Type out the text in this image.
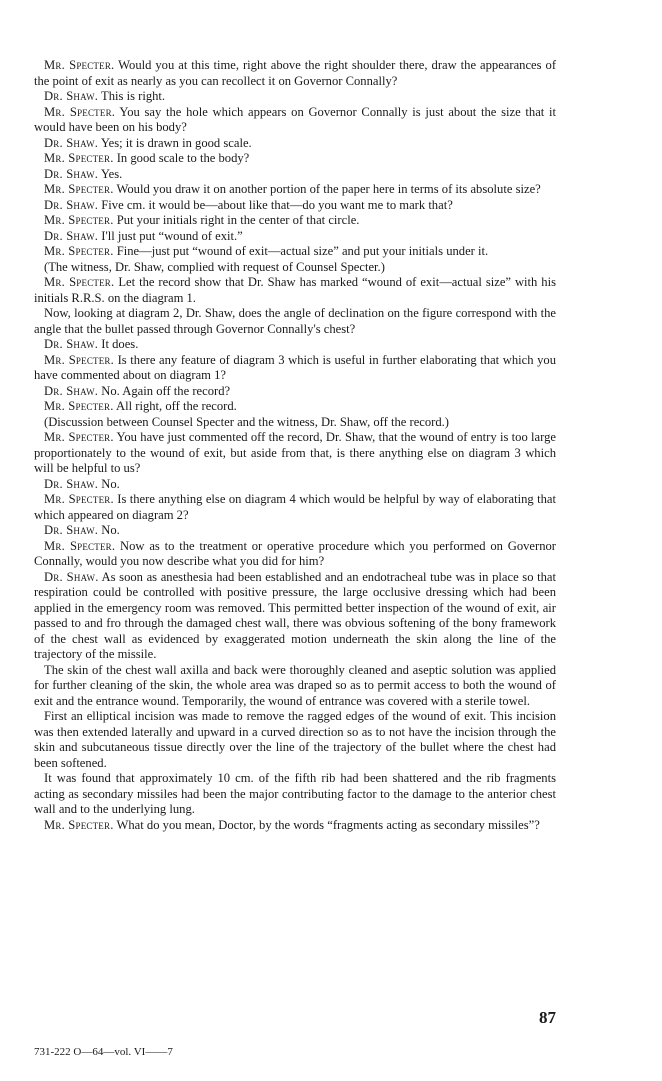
Mr. Specter. Would you at this time, right above the right shoulder there, draw the appearances of the point of exit as nearly as you can recollect it on Governor Connally?

Dr. Shaw. This is right.

Mr. Specter. You say the hole which appears on Governor Connally is just about the size that it would have been on his body?

Dr. Shaw. Yes; it is drawn in good scale.

Mr. Specter. In good scale to the body?

Dr. Shaw. Yes.

Mr. Specter. Would you draw it on another portion of the paper here in terms of its absolute size?

Dr. Shaw. Five cm. it would be—about like that—do you want me to mark that?

Mr. Specter. Put your initials right in the center of that circle.

Dr. Shaw. I'll just put “wound of exit.”

Mr. Specter. Fine—just put “wound of exit—actual size” and put your initials under it.

(The witness, Dr. Shaw, complied with request of Counsel Specter.)

Mr. Specter. Let the record show that Dr. Shaw has marked “wound of exit—actual size” with his initials R.R.S. on the diagram 1.

Now, looking at diagram 2, Dr. Shaw, does the angle of declination on the figure correspond with the angle that the bullet passed through Governor Connally's chest?

Dr. Shaw. It does.

Mr. Specter. Is there any feature of diagram 3 which is useful in further elaborating that which you have commented about on diagram 1?

Dr. Shaw. No. Again off the record?

Mr. Specter. All right, off the record.

(Discussion between Counsel Specter and the witness, Dr. Shaw, off the record.)

Mr. Specter. You have just commented off the record, Dr. Shaw, that the wound of entry is too large proportionately to the wound of exit, but aside from that, is there anything else on diagram 3 which will be helpful to us?

Dr. Shaw. No.

Mr. Specter. Is there anything else on diagram 4 which would be helpful by way of elaborating that which appeared on diagram 2?

Dr. Shaw. No.

Mr. Specter. Now as to the treatment or operative procedure which you performed on Governor Connally, would you now describe what you did for him?

Dr. Shaw. As soon as anesthesia had been established and an endotracheal tube was in place so that respiration could be controlled with positive pressure, the large occlusive dressing which had been applied in the emergency room was removed. This permitted better inspection of the wound of exit, air passed to and fro through the damaged chest wall, there was obvious softening of the bony framework of the chest wall as evidenced by exaggerated motion underneath the skin along the line of the trajectory of the missile.

The skin of the chest wall axilla and back were thoroughly cleaned and aseptic solution was applied for further cleaning of the skin, the whole area was draped so as to permit access to both the wound of exit and the entrance wound. Temporarily, the wound of entrance was covered with a sterile towel.

First an elliptical incision was made to remove the ragged edges of the wound of exit. This incision was then extended laterally and upward in a curved direction so as to not have the incision through the skin and subcutaneous tissue directly over the line of the trajectory of the bullet where the chest had been softened.

It was found that approximately 10 cm. of the fifth rib had been shattered and the rib fragments acting as secondary missiles had been the major contributing factor to the damage to the anterior chest wall and to the underlying lung.

Mr. Specter. What do you mean, Doctor, by the words “fragments acting as secondary missiles”?

87
731-222 O—64—vol. VI——7
